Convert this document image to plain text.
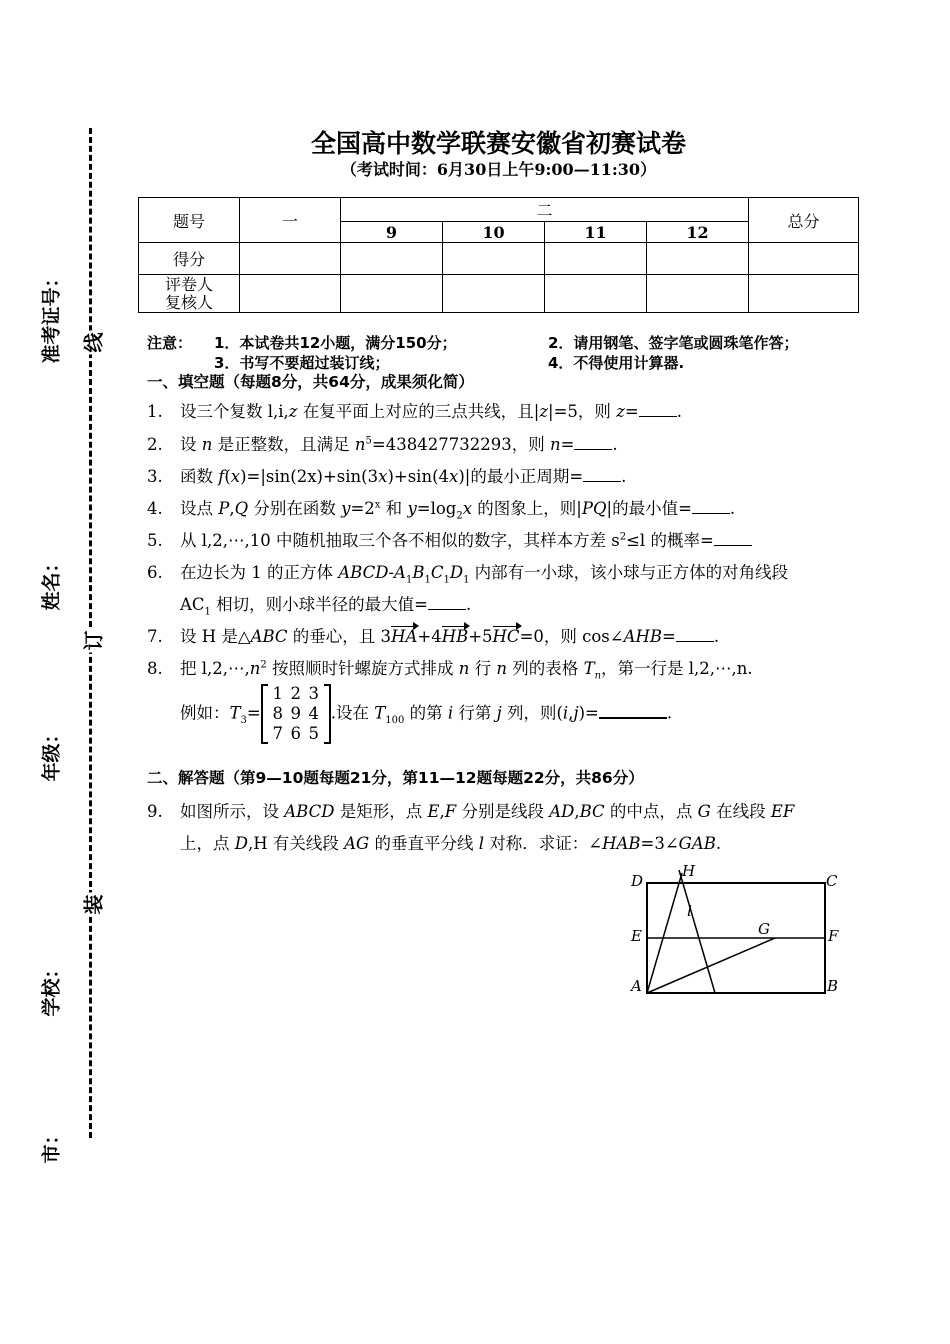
线
订
装
准考证号：
姓名：
年级：
学校：
市：
全国高中数学联赛安徽省初赛试卷
（考试时间：6月30日上午9:00—11:30）
题号	一	二				总分
		9	10	11	12	
得分						

评卷人
复核人						

注意： 1．本试卷共12小题，满分150分；	2．请用钢笔、签字笔或圆珠笔作答；
3．书写不要超过装订线；	4．不得使用计算器.
一、填空题（每题8分，共64分，成果须化简）
1. 设三个复数 l,i,z 在复平面上对应的三点共线，且|z|=5，则 z= .
2. 设 n 是正整数，且满足 $n^5=438427732293$，则 n= .
3. 函数 f(x)=|sin(2x)+sin(3x)+sin(4x)|的最小正周期= .
4. 设点 P,Q 分别在函数 $y=2^x$ 和 $y=\log_2x$ 的图象上，则|PQ|的最小值= .
5. 从 l,2,⋯,10 中随机抽取三个各不相似的数字，其样本方差 $s^2\le l$ 的概率=
6. 在边长为 1 的正方体 ABCD-$A_1B_1C_1D_1$ 内部有一小球，该小球与正方体的对角线段
$AC_1$ 相切，则小球半径的最大值= .
7. 设 H 是△ABC 的垂心，且 3HA+4HB+5HC=0，则 cos∠AHB= .
8. 把 $l,2,\cdots,n^2$ 按照顺时针螺旋方式排成 n 行 n 列的表格 $T_n$，第一行是 l,2,⋯,n.
例如：$T_3=$
1 2 3
8 9 4
7 6 5
.设在 $T_{100}$ 的第 i 行第 j 列，则(i,j)=	.
二、解答题（第9—10题每题21分，第11—12题每题22分，共86分）
9. 如图所示，设 ABCD 是矩形，点 E,F 分别是线段 AD,BC 的中点，点 G 在线段 EF
上，点 D,H 有关线段 AG 的垂直平分线 l 对称．求证：∠HAB=3∠GAB.
D
H
C
l
E	G	F
A	B
